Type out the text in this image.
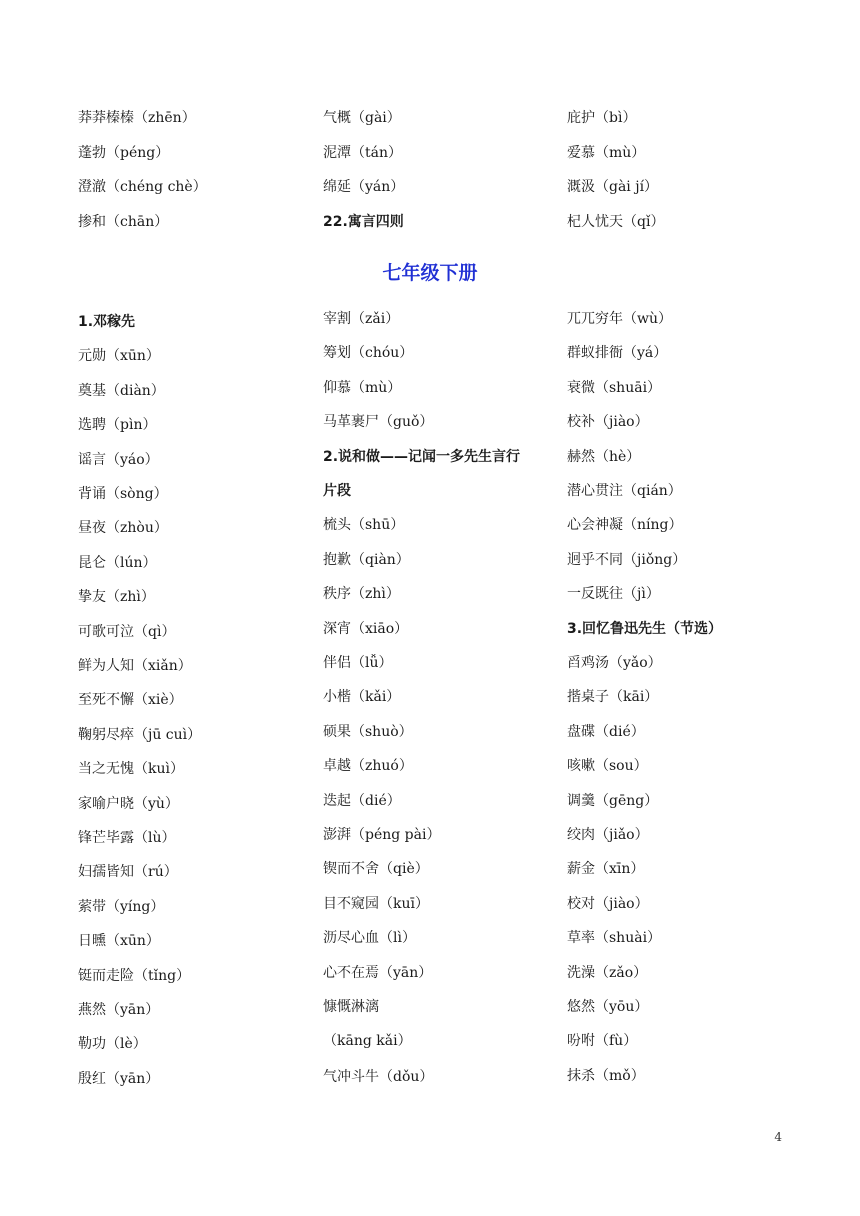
莽莽榛榛（zhēn）
蓬勃（péng）
澄澈（chéng chè）
掺和（chān）
气概（gài）
泥潭（tán）
绵延（yán）
22.寓言四则
庇护（bì）
爱慕（mù）
溉汲（gài jí）
杞人忧天（qǐ）
七年级下册
1.邓稼先
元勋（xūn）
奠基（diàn）
选聘（pìn）
谣言（yáo）
背诵（sòng）
昼夜（zhòu）
昆仑（lún）
挚友（zhì）
可歌可泣（qì）
鲜为人知（xiǎn）
至死不懈（xiè）
鞠躬尽瘁（jū cuì）
当之无愧（kuì）
家喻户晓（yù）
锋芒毕露（lù）
妇孺皆知（rú）
萦带（yíng）
日曛（xūn）
铤而走险（tǐng）
燕然（yān）
勒功（lè）
殷红（yān）
宰割（zǎi）
筹划（chóu）
仰慕（mù）
马革裹尸（guǒ）
2.说和做——记闻一多先生言行
片段
梳头（shū）
抱歉（qiàn）
秩序（zhì）
深宵（xiāo）
伴侣（lǚ）
小楷（kǎi）
硕果（shuò）
卓越（zhuó）
迭起（dié）
澎湃（péng pài）
锲而不舍（qiè）
目不窥园（kuī）
沥尽心血（lì）
心不在焉（yān）
慷慨淋漓
（kāng kǎi）
气冲斗牛（dǒu）
兀兀穷年（wù）
群蚁排衙（yá）
衰微（shuāi）
校补（jiào）
赫然（hè）
潜心贯注（qián）
心会神凝（níng）
迥乎不同（jiǒng）
一反既往（jì）
3.回忆鲁迅先生（节选）
舀鸡汤（yǎo）
揩桌子（kāi）
盘碟（dié）
咳嗽（sou）
调羹（gēng）
绞肉（jiǎo）
薪金（xīn）
校对（jiào）
草率（shuài）
洗澡（zǎo）
悠然（yōu）
吩咐（fù）
抹杀（mǒ）
4
